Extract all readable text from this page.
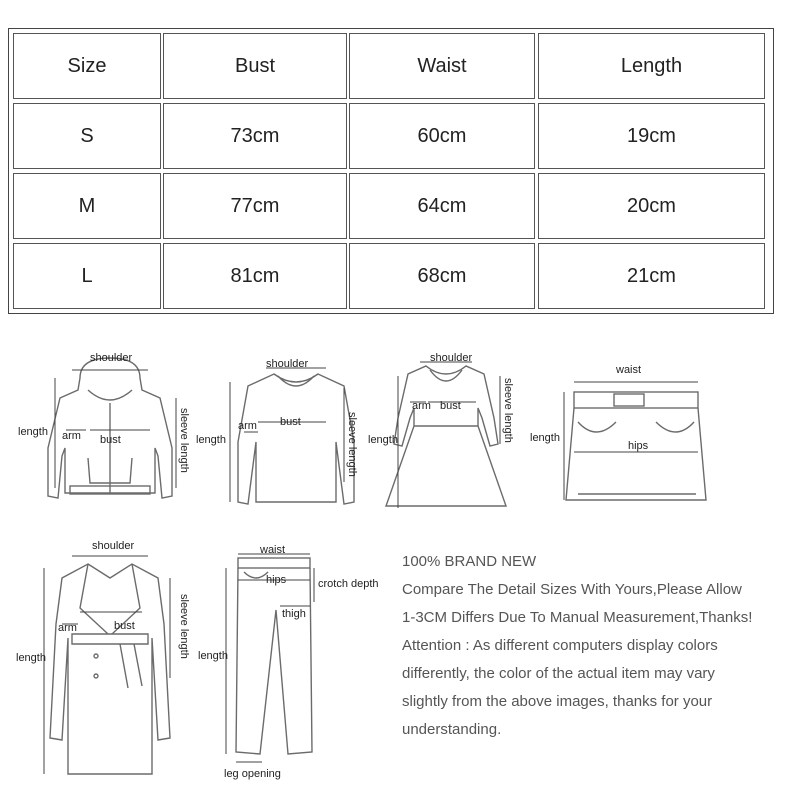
Size	Bust	Waist	Length
S	73cm	60cm	19cm
M	77cm	64cm	20cm
L	81cm	68cm	21cm
shoulder
length arm bust	sleeve length
shoulder
length
arm bust	sleeve length
shoulder
length
arm bust	sleeve length
waist
length
hips
shoulder
length
arm	bust	sleeve length
waist
hips	crotch depth
thigh
length
leg opening

100% BRAND NEW

Compare The Detail Sizes With Yours,Please Allow

1-3CM Differs Due To Manual Measurement,Thanks!

Attention : As different computers display colors

differently, the color of the actual item may vary

slightly from the above images, thanks for your

understanding.
